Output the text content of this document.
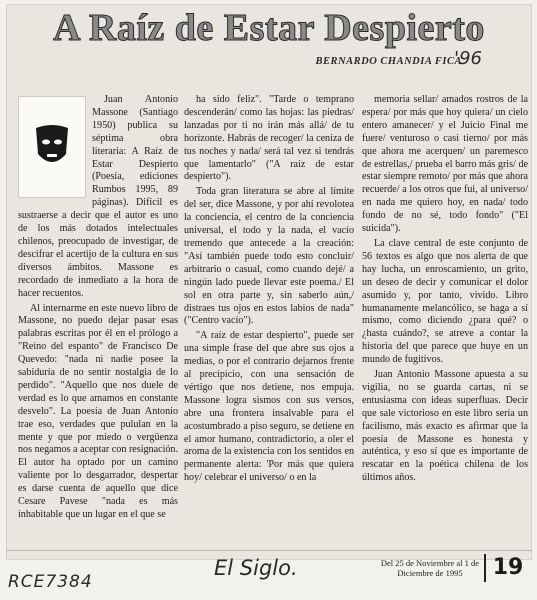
A Raíz de Estar Despierto
BERNARDO CHANDIA FICA
'96

Juan Antonio Massone (Santiago 1950) publica su séptima obra literaria: A Raíz de Estar Despierto (Poesía, ediciones Rumbos 1995, 89 páginas). Difícil es sustraerse a decir que el autor es uno de los más dotados intelectuales chilenos, preocupado de investigar, de descifrar el acertijo de la cultura en sus diversos ámbitos. Massone es recordado de inmediato a la hora de hacer recuentos.

Al internarme en este nuevo libro de Massone, no puedo dejar pasar esas palabras escritas por él en el prólogo a "Reino del espanto" de Francisco De Quevedo: "nada ni nadie posee la sabiduría de no sentir nostalgia de lo perdido". "Aquello que nos duele de verdad es lo que amamos en constante desvelo". La poesía de Juan Antonio trae eso, verdades que pululan en la mente y que por miedo o vergüenza nos negamos a aceptar con resignación. El autor ha optado por un camino valiente por lo desgarrador, despertar es darse cuenta de aquello que dice Cesare Pavese "nada es más inhabitable que un lugar en el que se

ha sido feliz". "Tarde o temprano descenderán/ como las hojas: las piedras/ lanzadas por ti no irán más allá/ de tu horizonte. Habrás de recoger/ la ceniza de tus noches y nada/ será tal vez si tendrás que lamentarlo" ("A raíz de estar despierto").

Toda gran literatura se abre al límite del ser, dice Massone, y por ahí revolotea la conciencia, el centro de la conciencia universal, el todo y la nada, el vacío tremendo que antecede a la creación: "Así también puede todo esto concluir/ arbitrario o casual, como cuando dejé/ a ningún lado puede llevar este poema./ El sol en otra parte y, sin saberlo aún,/ distraes tus ojos en estos labios de nada" ("Centro vacío").

"A raíz de estar despierto", puede ser una simple frase del que abre sus ojos a medias, o por el contrario dejarnos frente al precipicio, con una sensación de vértigo que nos detiene, nos empuja. Massone logra sismos con sus versos, abre una frontera insalvable para el acostumbrado a piso seguro, se detiene en el amor humano, contradictorio, a oler el aroma de la existencia con los sentidos en permanente alerta: 'Por más que quiera hoy/ celebrar el universo/ o en la

memoria sellar/ amados rostros de la espera/ por más que hoy quiera/ un cielo entero amanecer/ y el Juicio Final me fuere/ venturoso o casi tierno/ por más que ahora me acerquen/ un paremesco de estrellas,/ prueba el barro más gris/ de estar siempre remoto/ por más que ahora recuerde/ a los otros que fui, al universo/ en nada me quiero hoy, en nada/ todo fondo de no sé, todo fondo" ("El suicida").

La clave central de este conjunto de 56 textos es algo que nos alerta de que hay lucha, un enroscamiento, un grito, un deseo de decir y comunicar el dolor asumido y, por tanto, vivido. Libro humanamente melancólico, se haga a sí mismo, como diciendo ¿para qué? o ¿hasta cuándo?, se atreve a contar la historia del que parece que huye en un mundo de fugitivos.

Juan Antonio Massone apuesta a su vigilia, no se guarda cartas, ni se entusiasma con ideas superfluas. Decir que sale victorioso en este libro sería un facilismo, más exacto es afirmar que la poesía de Massone es honesta y auténtica, y eso sí que es importante de rescatar en la poética chilena de los últimos años.

Del 25 de Noviembre al 1 de Diciembre de 1995	19
El Siglo.
RCE7384
